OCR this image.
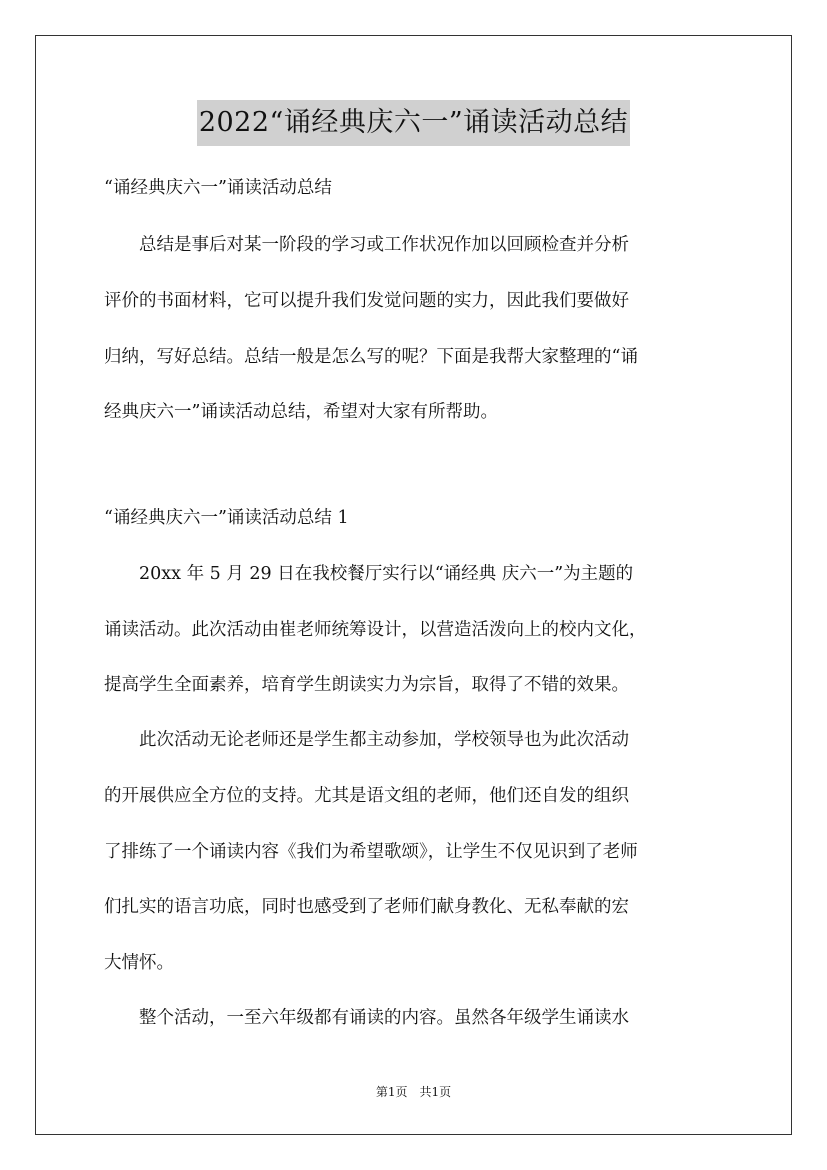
2022“诵经典庆六一”诵读活动总结

“诵经典庆六一”诵读活动总结

　　总结是事后对某一阶段的学习或工作状况作加以回顾检查并分析

评价的书面材料，它可以提升我们发觉问题的实力，因此我们要做好

归纳，写好总结。总结一般是怎么写的呢？下面是我帮大家整理的“诵

经典庆六一”诵读活动总结，希望对大家有所帮助。

“诵经典庆六一”诵读活动总结 1

　　20xx 年 5 月 29 日在我校餐厅实行以“诵经典 庆六一”为主题的

诵读活动。此次活动由崔老师统筹设计，以营造活泼向上的校内文化，

提高学生全面素养，培育学生朗读实力为宗旨，取得了不错的效果。

　　此次活动无论老师还是学生都主动参加，学校领导也为此次活动

的开展供应全方位的支持。尤其是语文组的老师，他们还自发的组织

了排练了一个诵读内容《我们为希望歌颂》，让学生不仅见识到了老师

们扎实的语言功底，同时也感受到了老师们献身教化、无私奉献的宏

大情怀。

　　整个活动，一至六年级都有诵读的内容。虽然各年级学生诵读水

第1页　共1页
